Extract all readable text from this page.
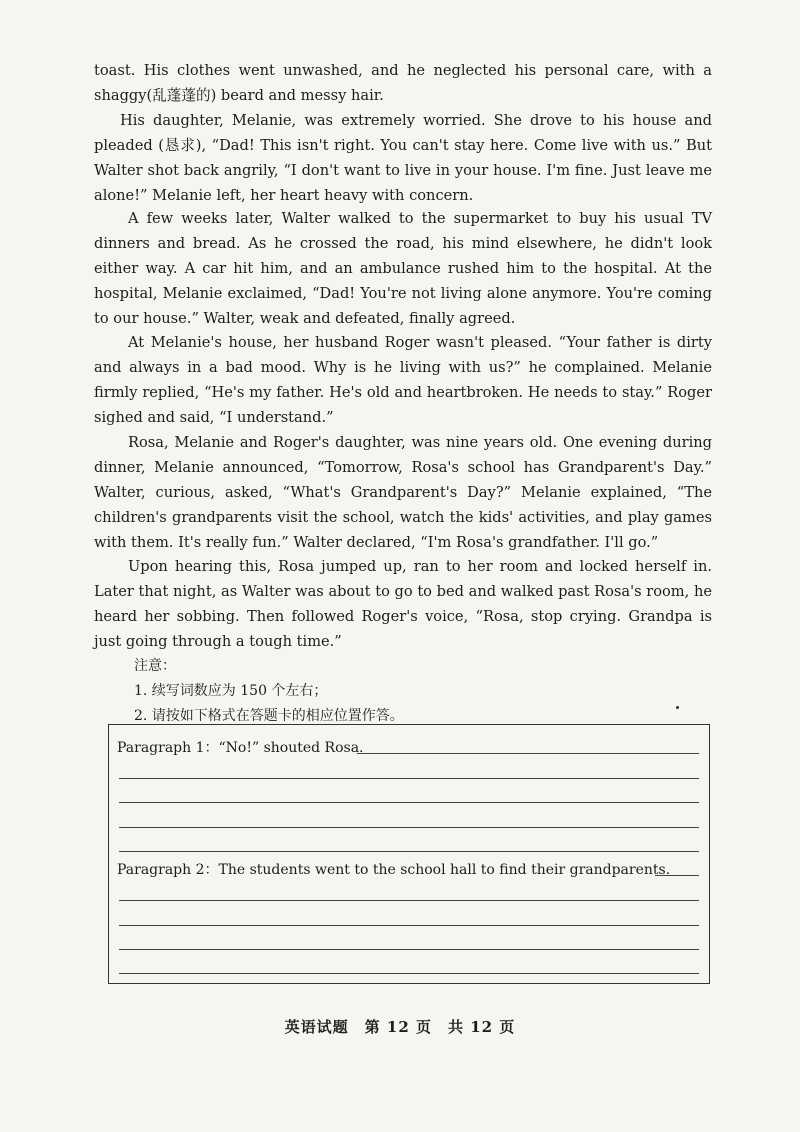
toast. His clothes went unwashed, and he neglected his personal care, with a shaggy(乱蓬蓬的) beard and messy hair.

His daughter, Melanie, was extremely worried. She drove to his house and pleaded (恳求), “Dad! This isn't right. You can't stay here. Come live with us.” But Walter shot back angrily, “I don't want to live in your house. I'm fine. Just leave me alone!” Melanie left, her heart heavy with concern.

A few weeks later, Walter walked to the supermarket to buy his usual TV dinners and bread. As he crossed the road, his mind elsewhere, he didn't look either way. A car hit him, and an ambulance rushed him to the hospital. At the hospital, Melanie exclaimed, “Dad! You're not living alone anymore. You're coming to our house.” Walter, weak and defeated, finally agreed.

At Melanie's house, her husband Roger wasn't pleased. “Your father is dirty and always in a bad mood. Why is he living with us?” he complained. Melanie firmly replied, “He's my father. He's old and heartbroken. He needs to stay.” Roger sighed and said, “I understand.”

Rosa, Melanie and Roger's daughter, was nine years old. One evening during dinner, Melanie announced, “Tomorrow, Rosa's school has Grandparent's Day.” Walter, curious, asked, “What's Grandparent's Day?” Melanie explained, “The children's grandparents visit the school, watch the kids' activities, and play games with them. It's really fun.” Walter declared, “I'm Rosa's grandfather. I'll go.”

Upon hearing this, Rosa jumped up, ran to her room and locked herself in. Later that night, as Walter was about to go to bed and walked past Rosa's room, he heard her sobbing. Then followed Roger's voice, “Rosa, stop crying. Grandpa is just going through a tough time.”

注意：

1. 续写词数应为 150 个左右；

2. 请按如下格式在答题卡的相应位置作答。

Paragraph 1：“No!” shouted Rosa.
Paragraph 2：The students went to the school hall to find their grandparents.
英语试题　第 12 页　共 12 页
